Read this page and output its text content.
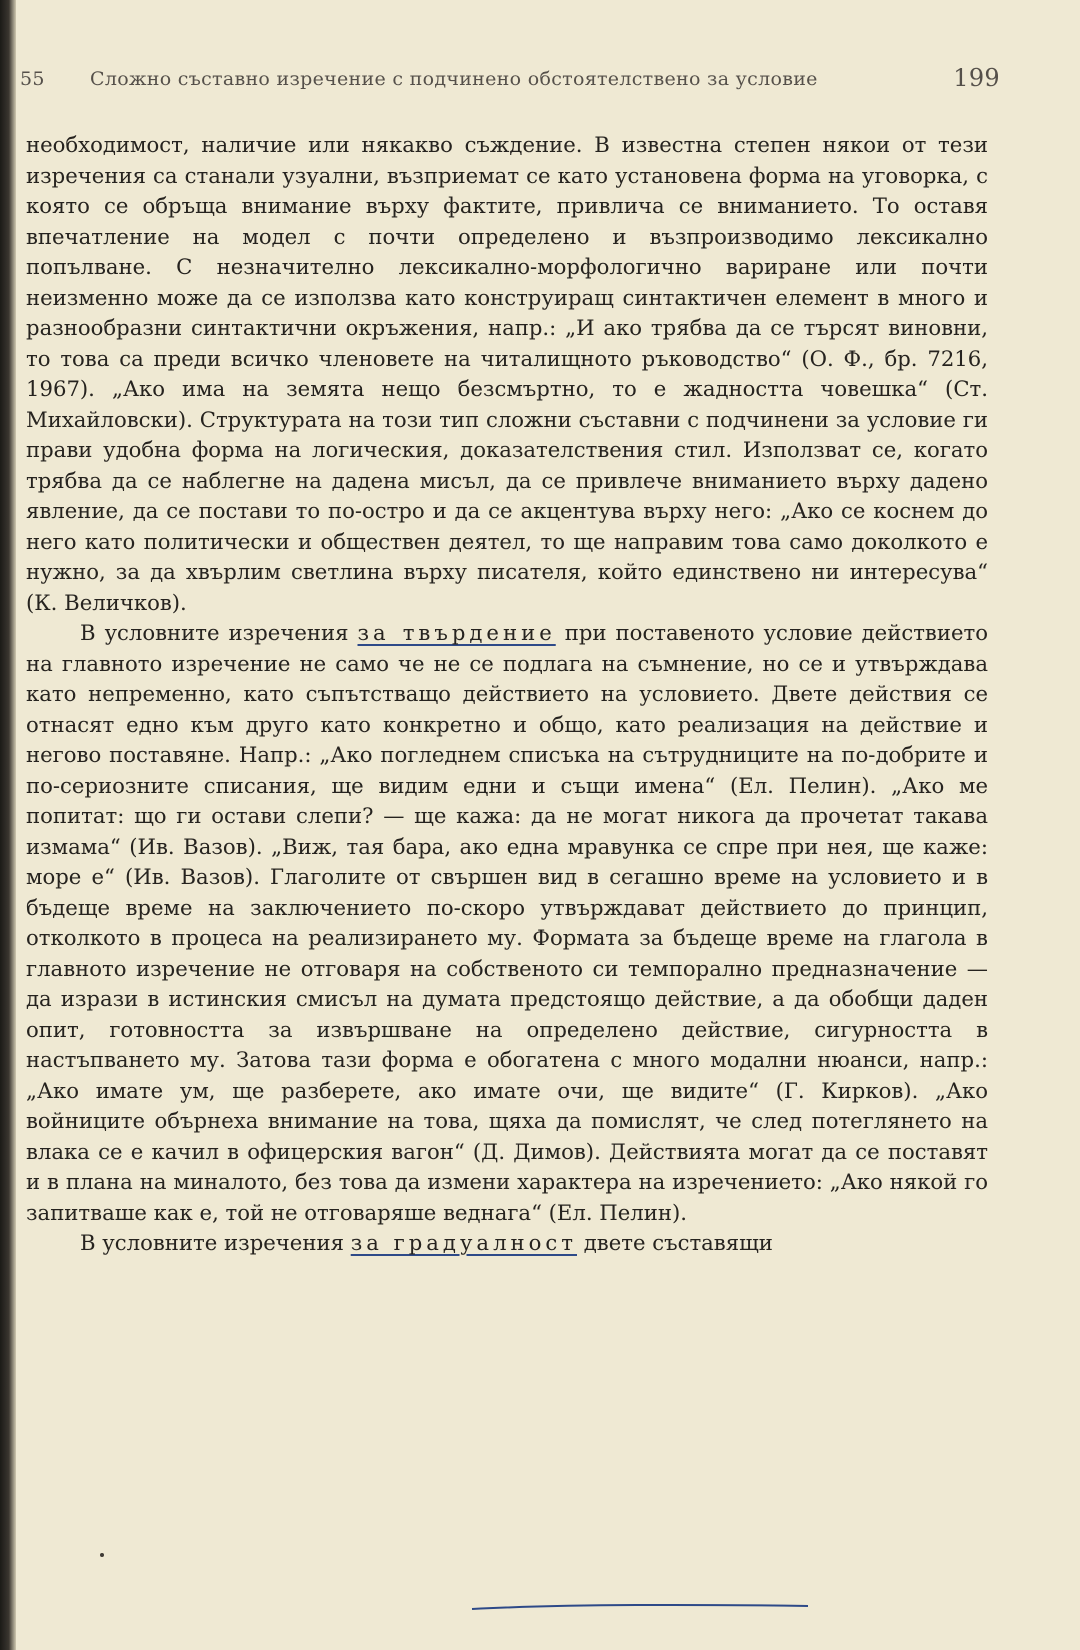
55 Сложно съставно изречение с подчинено обстоятелствено за условие	199

необходимост, наличие или някакво съждение. В известна степен някои от тези изречения са станали узуални, възприемат се като установена форма на уговорка, с която се обръща внимание върху фактите, привлича се вниманието. То оставя впечатление на модел с почти определено и възпроизводимо лексикално попълване. С незначително лексикално-морфологично вариране или почти неизменно може да се използва като конструиращ синтактичен елемент в много и разнообразни синтактични окръжения, напр.: „И ако трябва да се търсят виновни, то това са преди всичко членовете на читалищното ръководство“ (О. Ф., бр. 7216, 1967). „Ако има на земята нещо безсмъртно, то е жадността човешка“ (Ст. Михайловски). Структурата на този тип сложни съставни с подчинени за условие ги прави удобна форма на логическия, доказателствения стил. Използват се, когато трябва да се наблегне на дадена мисъл, да се привлече вниманието върху дадено явление, да се постави то по-остро и да се акцентува върху него: „Ако се коснем до него като политически и обществен деятел, то ще направим това само доколкото е нужно, за да хвърлим светлина върху писателя, който единствено ни интересува“ (К. Величков).

В условните изречения за твърдение при поставеното условие действието на главното изречение не само че не се подлага на съмнение, но се и утвърждава като непременно, като съпътстващо действието на условието. Двете действия се отнасят едно към друго като конкретно и общо, като реализация на действие и негово поставяне. Напр.: „Ако погледнем списъка на сътрудниците на по-добрите и по-сериозните списания, ще видим едни и същи имена“ (Ел. Пелин). „Ако ме попитат: що ги остави слепи? — ще кажа: да не могат никога да прочетат такава измама“ (Ив. Вазов). „Виж, тая бара, ако една мравунка се спре при нея, ще каже: море е“ (Ив. Вазов). Глаголите от свършен вид в сегашно време на условието и в бъдеще време на заключението по-скоро утвърждават действието до принцип, отколкото в процеса на реализирането му. Формата за бъдеще време на глагола в главното изречение не отговаря на собственото си темпорално предназначение — да изрази в истинския смисъл на думата предстоящо действие, а да обобщи даден опит, готовността за извършване на определено действие, сигурността в настъпването му. Затова тази форма е обогатена с много модални нюанси, напр.: „Ако имате ум, ще разберете, ако имате очи, ще видите“ (Г. Кирков). „Ако войниците обърнеха внимание на това, щяха да помислят, че след потеглянето на влака се е качил в офицерския вагон“ (Д. Димов). Действията могат да се поставят и в плана на миналото, без това да измени характера на изречението: „Ако някой го запитваше как е, той не отговаряше веднага“ (Ел. Пелин).

В условните изречения за градуалност двете съставящи
